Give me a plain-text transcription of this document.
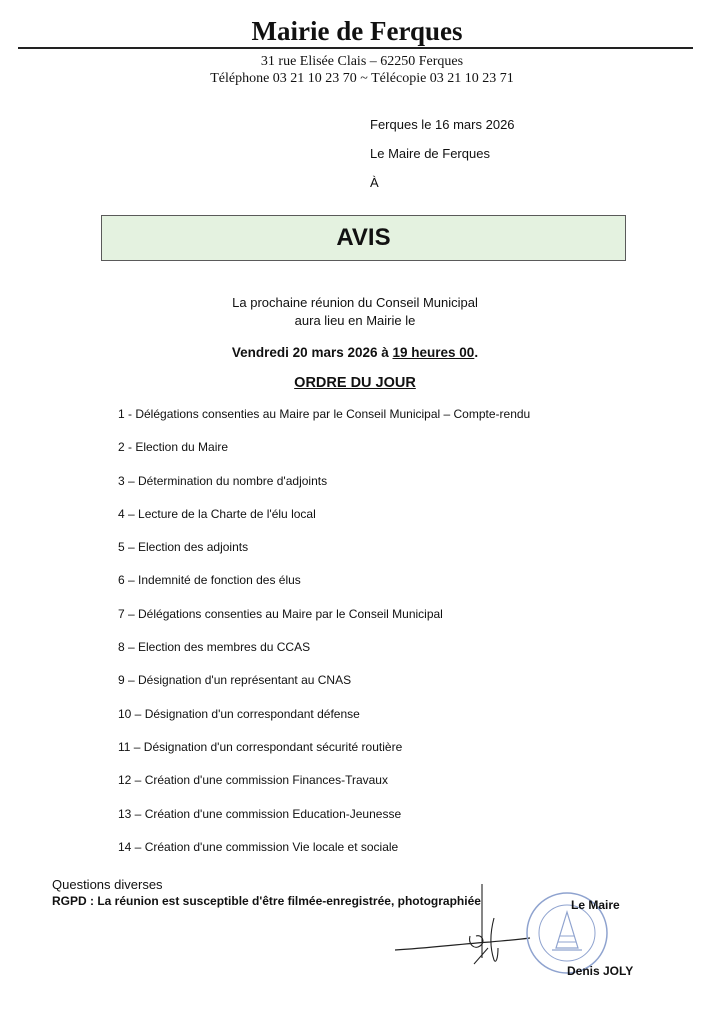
Mairie de Ferques
31 rue Elisée Clais – 62250 Ferques
Téléphone 03 21 10 23 70 ~ Télécopie 03 21 10 23 71
Ferques le 16 mars 2026
Le Maire de Ferques
À
AVIS
La prochaine réunion du Conseil Municipal
aura lieu en Mairie le
Vendredi 20 mars 2026 à 19 heures 00.
ORDRE DU JOUR
1 - Délégations consenties au Maire par le Conseil Municipal – Compte-rendu
2 - Election du Maire
3 – Détermination du nombre d'adjoints
4 – Lecture de la Charte de l'élu local
5 – Election des adjoints
6 – Indemnité de fonction des élus
7 – Délégations consenties au Maire par le Conseil Municipal
8 – Election des membres du CCAS
9 – Désignation d'un représentant au CNAS
10 – Désignation d'un correspondant défense
11 – Désignation d'un correspondant sécurité routière
12 – Création d'une commission Finances-Travaux
13 – Création d'une commission Education-Jeunesse
14 – Création d'une commission Vie locale et sociale
Questions diverses
RGPD : La réunion est susceptible d'être filmée-enregistrée, photographiée	Le Maire
Denis JOLY
